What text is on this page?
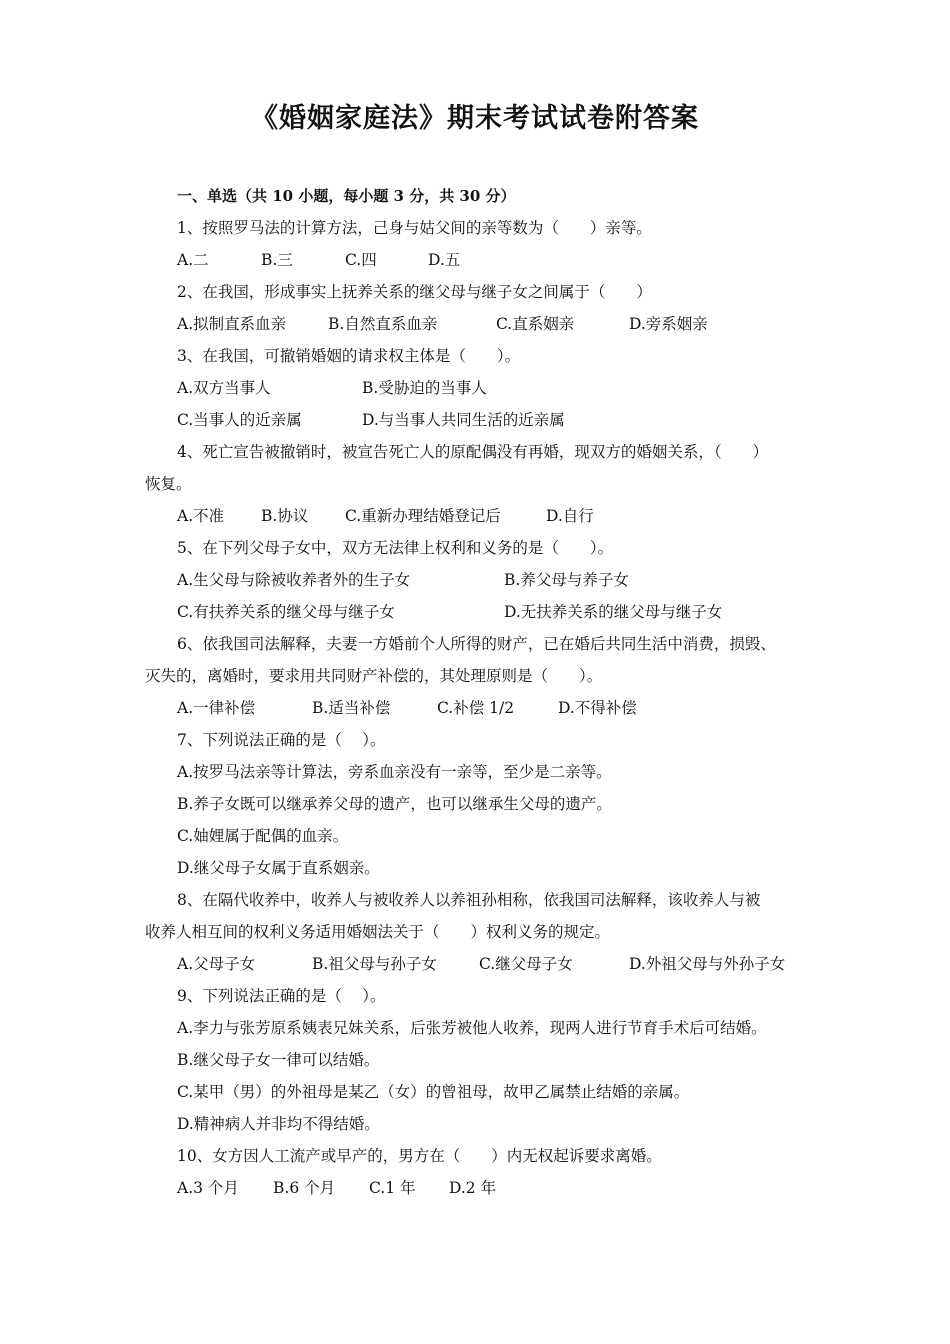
《婚姻家庭法》期末考试试卷附答案
一、单选（共 10 小题，每小题 3 分，共 30 分）
1、按照罗马法的计算方法，己身与姑父间的亲等数为（　　）亲等。
A.二	B.三	C.四	D.五
2、在我国，形成事实上抚养关系的继父母与继子女之间属于（　　）
A.拟制直系血亲	B.自然直系血亲	C.直系姻亲	D.旁系姻亲
3、在我国，可撤销婚姻的请求权主体是（　　）。
A.双方当事人	B.受胁迫的当事人
C.当事人的近亲属	D.与当事人共同生活的近亲属
4、死亡宣告被撤销时，被宣告死亡人的原配偶没有再婚，现双方的婚姻关系，（　　）
恢复。
A.不准 B.协议 C.重新办理结婚登记后	D.自行
5、在下列父母子女中，双方无法律上权利和义务的是（　　）。
A.生父母与除被收养者外的生子女	B.养父母与养子女
C.有扶养关系的继父母与继子女	D.无扶养关系的继父母与继子女
6、依我国司法解释，夫妻一方婚前个人所得的财产，已在婚后共同生活中消费，损毁、
灭失的，离婚时，要求用共同财产补偿的，其处理原则是（　　）。
A.一律补偿	B.适当补偿	C.补偿 1/2	D.不得补偿
7、下列说法正确的是（　 ）。
A.按罗马法亲等计算法，旁系血亲没有一亲等，至少是二亲等。
B.养子女既可以继承养父母的遗产，也可以继承生父母的遗产。
C.妯娌属于配偶的血亲。
D.继父母子女属于直系姻亲。
8、在隔代收养中，收养人与被收养人以养祖孙相称，依我国司法解释，该收养人与被
收养人相互间的权利义务适用婚姻法关于（　　）权利义务的规定。
A.父母子女	B.祖父母与孙子女	C.继父母子女	D.外祖父母与外孙子女
9、下列说法正确的是（　 ）。
A.李力与张芳原系姨表兄妹关系，后张芳被他人收养，现两人进行节育手术后可结婚。
B.继父母子女一律可以结婚。
C.某甲（男）的外祖母是某乙（女）的曾祖母，故甲乙属禁止结婚的亲属。
D.精神病人并非均不得结婚。
10、女方因人工流产或早产的，男方在（　　）内无权起诉要求离婚。
A.3 个月 B.6 个月 C.1 年 D.2 年
